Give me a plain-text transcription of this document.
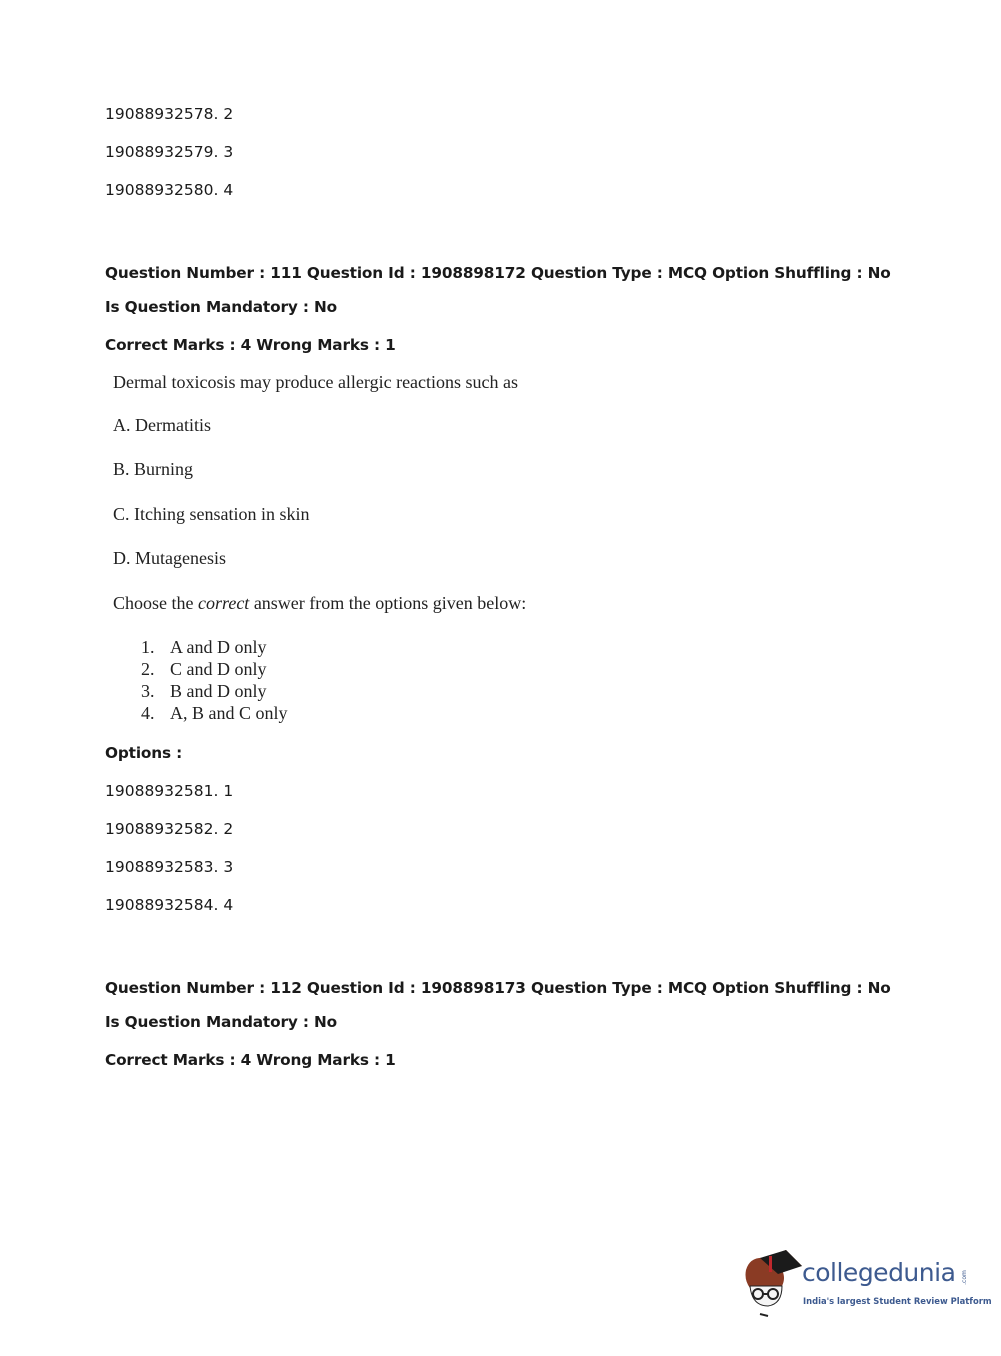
19088932578. 2
19088932579. 3
19088932580. 4
Question Number : 111 Question Id : 1908898172 Question Type : MCQ Option Shuffling : No
Is Question Mandatory : No
Correct Marks : 4 Wrong Marks : 1
Dermal toxicosis may produce allergic reactions such as
A. Dermatitis
B. Burning
C. Itching sensation in skin
D. Mutagenesis
Choose the correct answer from the options given below:
1. A and D only
2. C and D only
3. B and D only
4. A, B and C only
Options :
19088932581. 1
19088932582. 2
19088932583. 3
19088932584. 4
Question Number : 112 Question Id : 1908898173 Question Type : MCQ Option Shuffling : No
Is Question Mandatory : No
Correct Marks : 4 Wrong Marks : 1
collegedunia .com
India's largest Student Review Platform
